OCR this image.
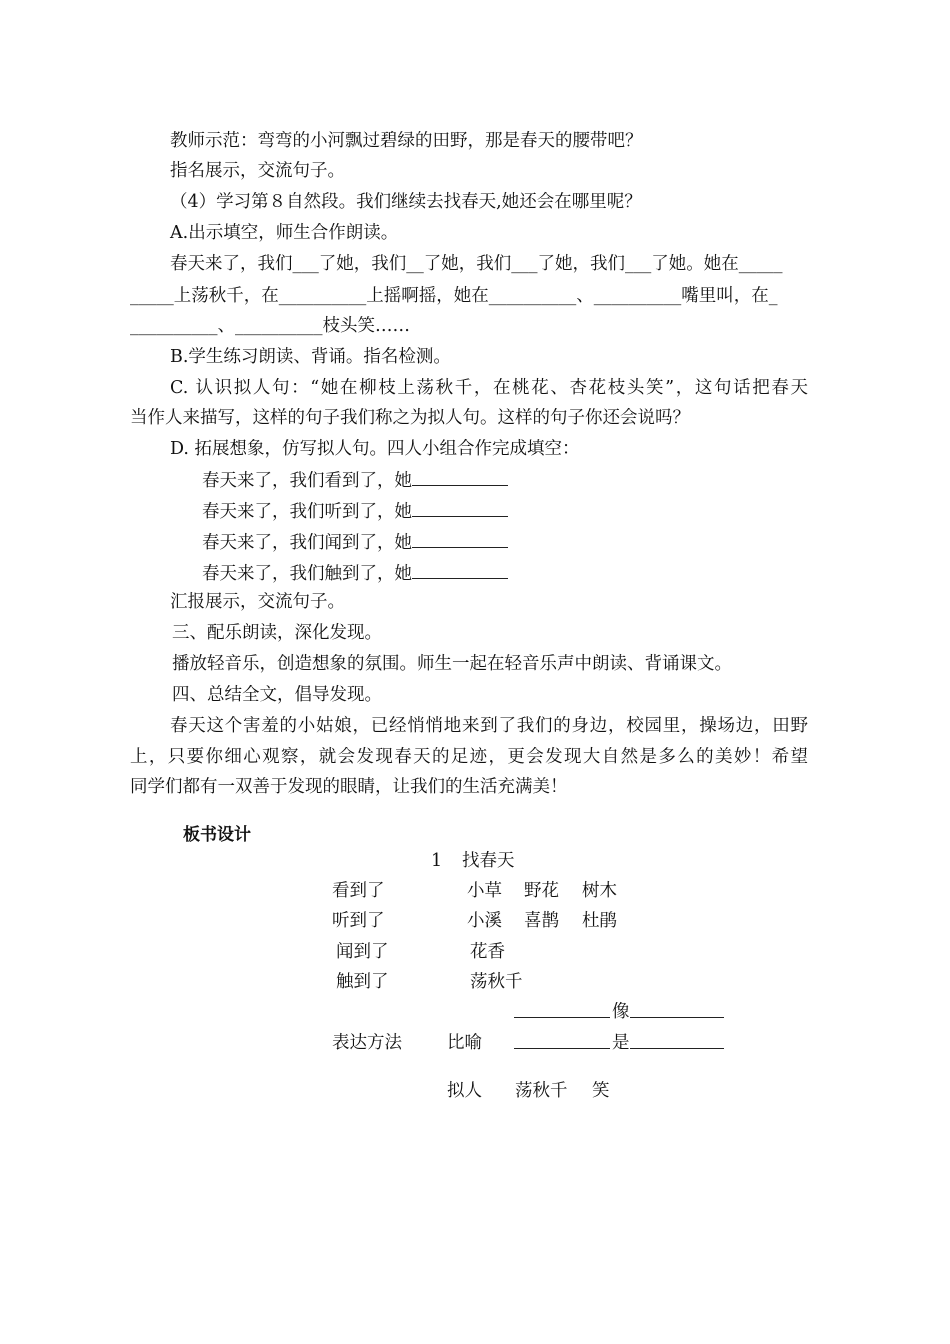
教师示范：弯弯的小河飘过碧绿的田野，那是春天的腰带吧？
指名展示，交流句子。
（4）学习第８自然段。我们继续去找春天,她还会在哪里呢？
A.出示填空，师生合作朗读。
春天来了，我们___了她，我们__了她，我们___了她，我们___了她。她在_____
_____上荡秋千，在__________上摇啊摇，她在__________、__________嘴里叫，在_
__________、__________枝头笑……
B.学生练习朗读、背诵。指名检测。
C. 认识拟人句：“她在柳枝上荡秋千，在桃花、杏花枝头笑”，这句话把春天
当作人来描写，这样的句子我们称之为拟人句。这样的句子你还会说吗？
D. 拓展想象，仿写拟人句。四人小组合作完成填空：
春天来了，我们看到了，她
春天来了，我们听到了，她
春天来了，我们闻到了，她
春天来了，我们触到了，她
汇报展示，交流句子。
三、配乐朗读，深化发现。
播放轻音乐，创造想象的氛围。师生一起在轻音乐声中朗读、背诵课文。
四、总结全文，倡导发现。
春天这个害羞的小姑娘，已经悄悄地来到了我们的身边，校园里，操场边，田野
上，只要你细心观察，就会发现春天的足迹，更会发现大自然是多么的美妙！希望
同学们都有一双善于发现的眼睛，让我们的生活充满美！
板书设计
1 找春天
看到了	小草 野花 树木
听到了	小溪 喜鹊 杜鹃
闻到了	花香
触到了	荡秋千
像
表达方法	比喻	是
拟人 荡秋千 笑
